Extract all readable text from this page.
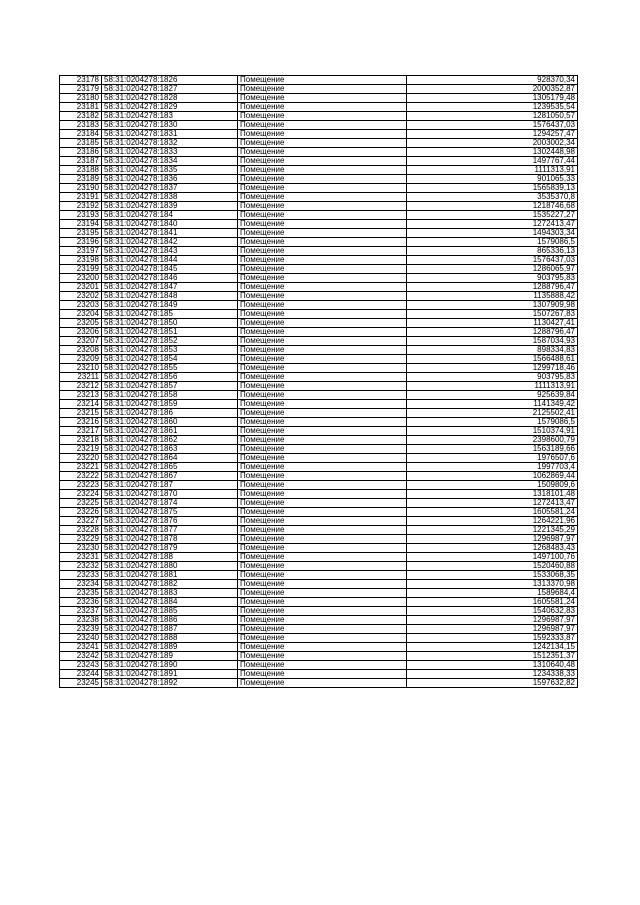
23178	58:31:0204278:1826	Помещение	928370,34
23179	58:31:0204278:1827	Помещение	2000352,87
23180	58:31:0204278:1828	Помещение	1305179,48
23181	58:31:0204278:1829	Помещение	1239535,54
23182	58:31:0204278:183	Помещение	1281050,57
23183	58:31:0204278:1830	Помещение	1576437,03
23184	58:31:0204278:1831	Помещение	1294257,47
23185	58:31:0204278:1832	Помещение	2003002,34
23186	58:31:0204278:1833	Помещение	1302448,98
23187	58:31:0204278:1834	Помещение	1497767,44
23188	58:31:0204278:1835	Помещение	1111313,91
23189	58:31:0204278:1836	Помещение	901065,33
23190	58:31:0204278:1837	Помещение	1565839,13
23191	58:31:0204278:1838	Помещение	3535370,8
23192	58:31:0204278:1839	Помещение	1218746,68
23193	58:31:0204278:184	Помещение	1535227,27
23194	58:31:0204278:1840	Помещение	1272413,47
23195	58:31:0204278:1841	Помещение	1494303,34
23196	58:31:0204278:1842	Помещение	1579086,5
23197	58:31:0204278:1843	Помещение	865336,13
23198	58:31:0204278:1844	Помещение	1576437,03
23199	58:31:0204278:1845	Помещение	1286065,97
23200	58:31:0204278:1846	Помещение	903795,83
23201	58:31:0204278:1847	Помещение	1288796,47
23202	58:31:0204278:1848	Помещение	1135888,42
23203	58:31:0204278:1849	Помещение	1307909,98
23204	58:31:0204278:185	Помещение	1507267,83
23205	58:31:0204278:1850	Помещение	1130427,41
23206	58:31:0204278:1851	Помещение	1288796,47
23207	58:31:0204278:1852	Помещение	1587034,93
23208	58:31:0204278:1853	Помещение	898334,83
23209	58:31:0204278:1854	Помещение	1566488,61
23210	58:31:0204278:1855	Помещение	1299718,46
23211	58:31:0204278:1856	Помещение	903795,83
23212	58:31:0204278:1857	Помещение	1111313,91
23213	58:31:0204278:1858	Помещение	925639,84
23214	58:31:0204278:1859	Помещение	1141349,42
23215	58:31:0204278:186	Помещение	2125502,41
23216	58:31:0204278:1860	Помещение	1579086,5
23217	58:31:0204278:1861	Помещение	1510374,91
23218	58:31:0204278:1862	Помещение	2398600,79
23219	58:31:0204278:1863	Помещение	1563189,66
23220	58:31:0204278:1864	Помещение	1976507,6
23221	58:31:0204278:1865	Помещение	1997703,4
23222	58:31:0204278:1867	Помещение	1062869,44
23223	58:31:0204278:187	Помещение	1509809,6
23224	58:31:0204278:1870	Помещение	1318101,48
23225	58:31:0204278:1874	Помещение	1272413,47
23226	58:31:0204278:1875	Помещение	1605581,24
23227	58:31:0204278:1876	Помещение	1264221,96
23228	58:31:0204278:1877	Помещение	1221345,29
23229	58:31:0204278:1878	Помещение	1296987,97
23230	58:31:0204278:1879	Помещение	1268483,43
23231	58:31:0204278:188	Помещение	1497100,76
23232	58:31:0204278:1880	Помещение	1520460,88
23233	58:31:0204278:1881	Помещение	1533068,35
23234	58:31:0204278:1882	Помещение	1313370,98
23235	58:31:0204278:1883	Помещение	1589684,4
23236	58:31:0204278:1884	Помещение	1605581,24
23237	58:31:0204278:1885	Помещение	1540632,83
23238	58:31:0204278:1886	Помещение	1296987,97
23239	58:31:0204278:1887	Помещение	1296987,97
23240	58:31:0204278:1888	Помещение	1592333,87
23241	58:31:0204278:1889	Помещение	1242134,15
23242	58:31:0204278:189	Помещение	1512351,37
23243	58:31:0204278:1890	Помещение	1310640,48
23244	58:31:0204278:1891	Помещение	1234338,33
23245	58:31:0204278:1892	Помещение	1597632,82
